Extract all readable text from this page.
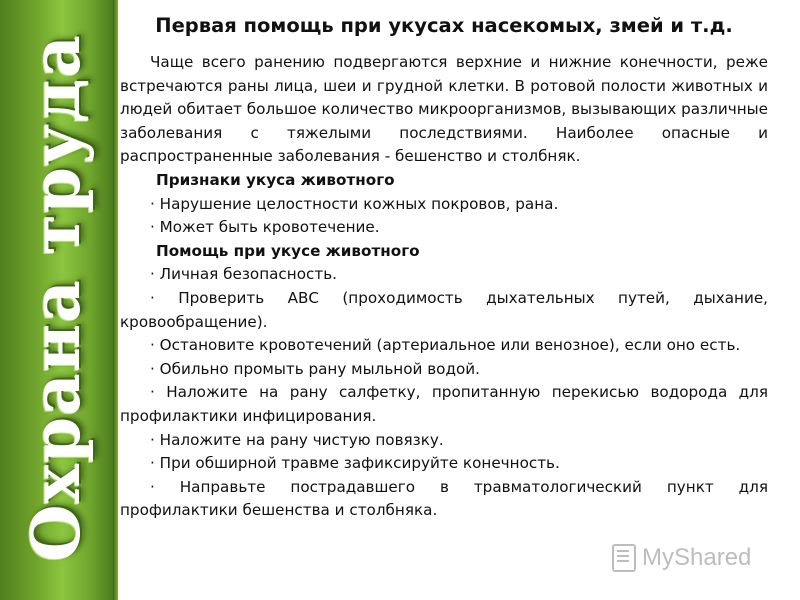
Охрана труда
Первая помощь при укусах насекомых, змей и т.д.

Чаще всего ранению подвергаются верхние и нижние конечности, реже встречаются раны лица, шеи и грудной клетки. В ротовой полости животных и людей обитает большое количество микроорганизмов, вызывающих различные заболевания с тяжелыми последствиями. Наиболее опасные и распространенные заболевания - бешенство и столбняк.

Признаки укуса животного

· Нарушение целостности кожных покровов, рана.

· Может быть кровотечение.

Помощь при укусе животного

· Личная безопасность.

· Проверить АВС (проходимость дыхательных путей, дыхание, кровообращение).

· Остановите кровотечений (артериальное или венозное), если оно есть.

· Обильно промыть рану мыльной водой.

· Наложите на рану салфетку, пропитанную перекисью водорода для профилактики инфицирования.

· Наложите на рану чистую повязку.

· При обширной травме зафиксируйте конечность.

· Направьте пострадавшего в травматологический пункт для профилактики бешенства и столбняка.

MyShared
